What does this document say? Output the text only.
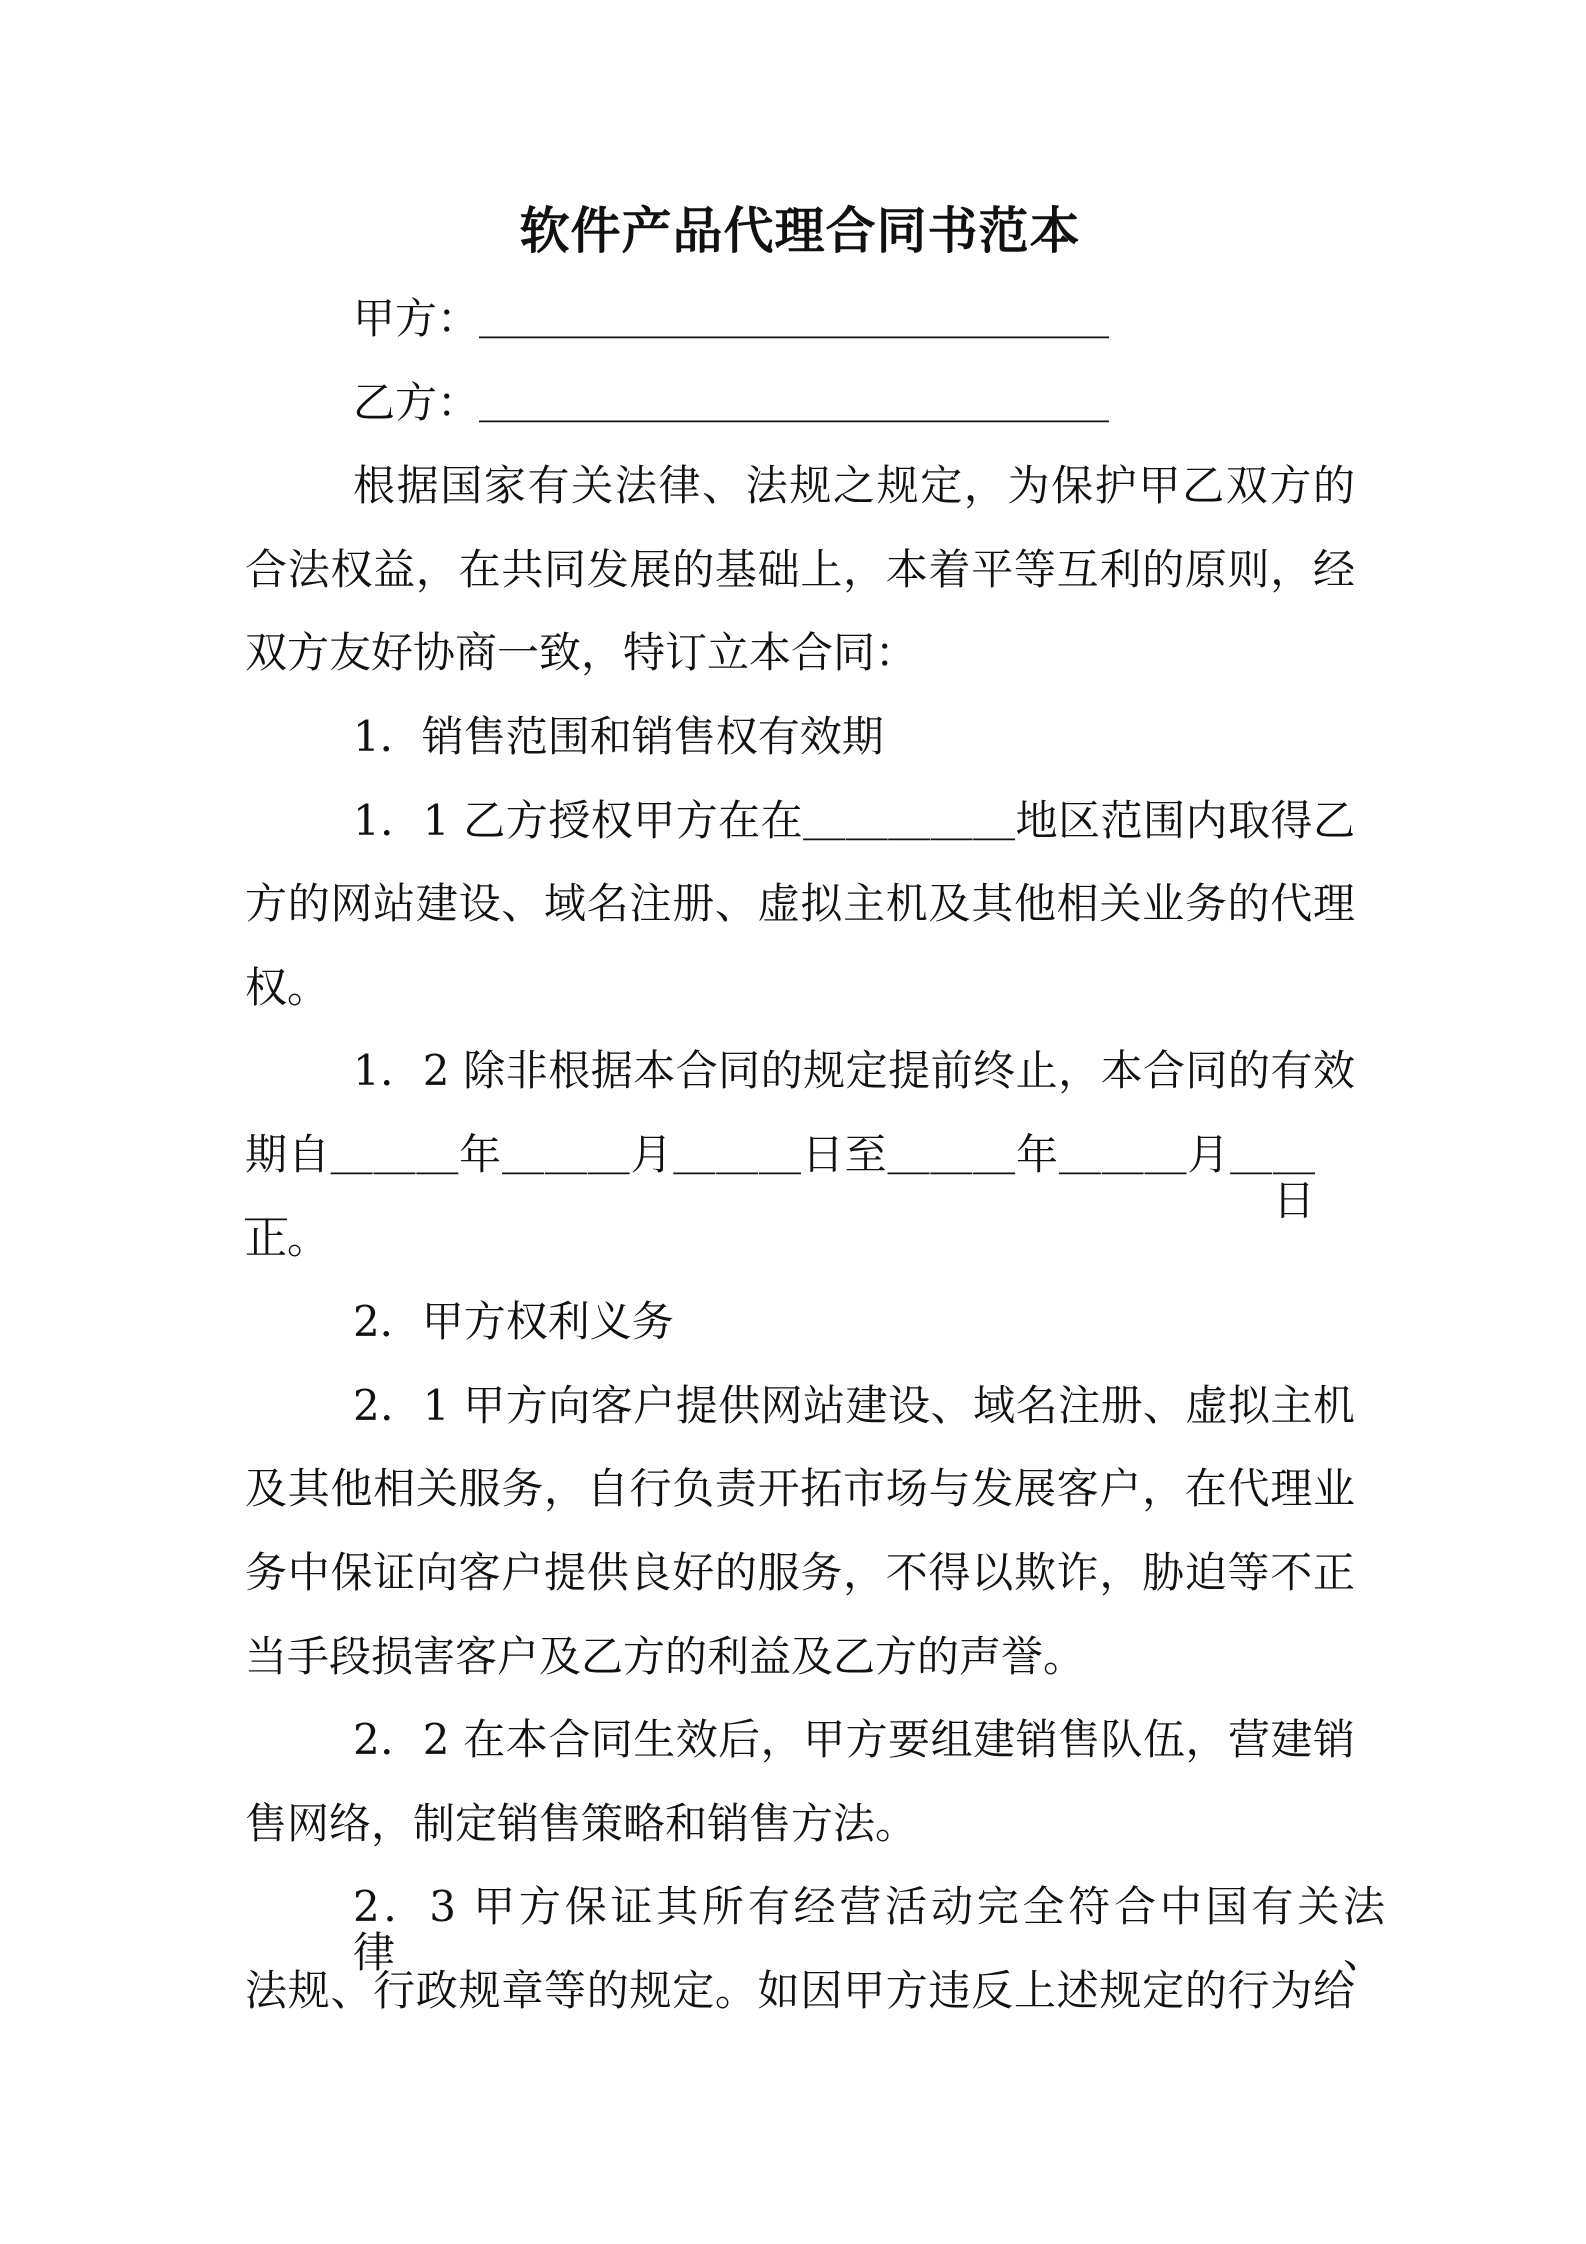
软件产品代理合同书范本
甲方：＿＿＿＿＿＿＿＿＿＿＿＿＿＿＿
乙方：＿＿＿＿＿＿＿＿＿＿＿＿＿＿＿
根据国家有关法律、法规之规定，为保护甲乙双方的
合法权益，在共同发展的基础上，本着平等互利的原则，经
双方友好协商一致，特订立本合同：
1．销售范围和销售权有效期
1．1 乙方授权甲方在在＿＿＿＿＿地区范围内取得乙
方的网站建设、域名注册、虚拟主机及其他相关业务的代理
权。
1．2 除非根据本合同的规定提前终止，本合同的有效
期自＿＿＿年＿＿＿月＿＿＿日至＿＿＿年＿＿＿月＿＿＿日
止。
2．甲方权利义务
2．1 甲方向客户提供网站建设、域名注册、虚拟主机
及其他相关服务，自行负责开拓市场与发展客户，在代理业
务中保证向客户提供良好的服务，不得以欺诈，胁迫等不正
当手段损害客户及乙方的利益及乙方的声誉。
2．2 在本合同生效后，甲方要组建销售队伍，营建销
售网络，制定销售策略和销售方法。
2．3 甲方保证其所有经营活动完全符合中国有关法律、
法规、行政规章等的规定。如因甲方违反上述规定的行为给
